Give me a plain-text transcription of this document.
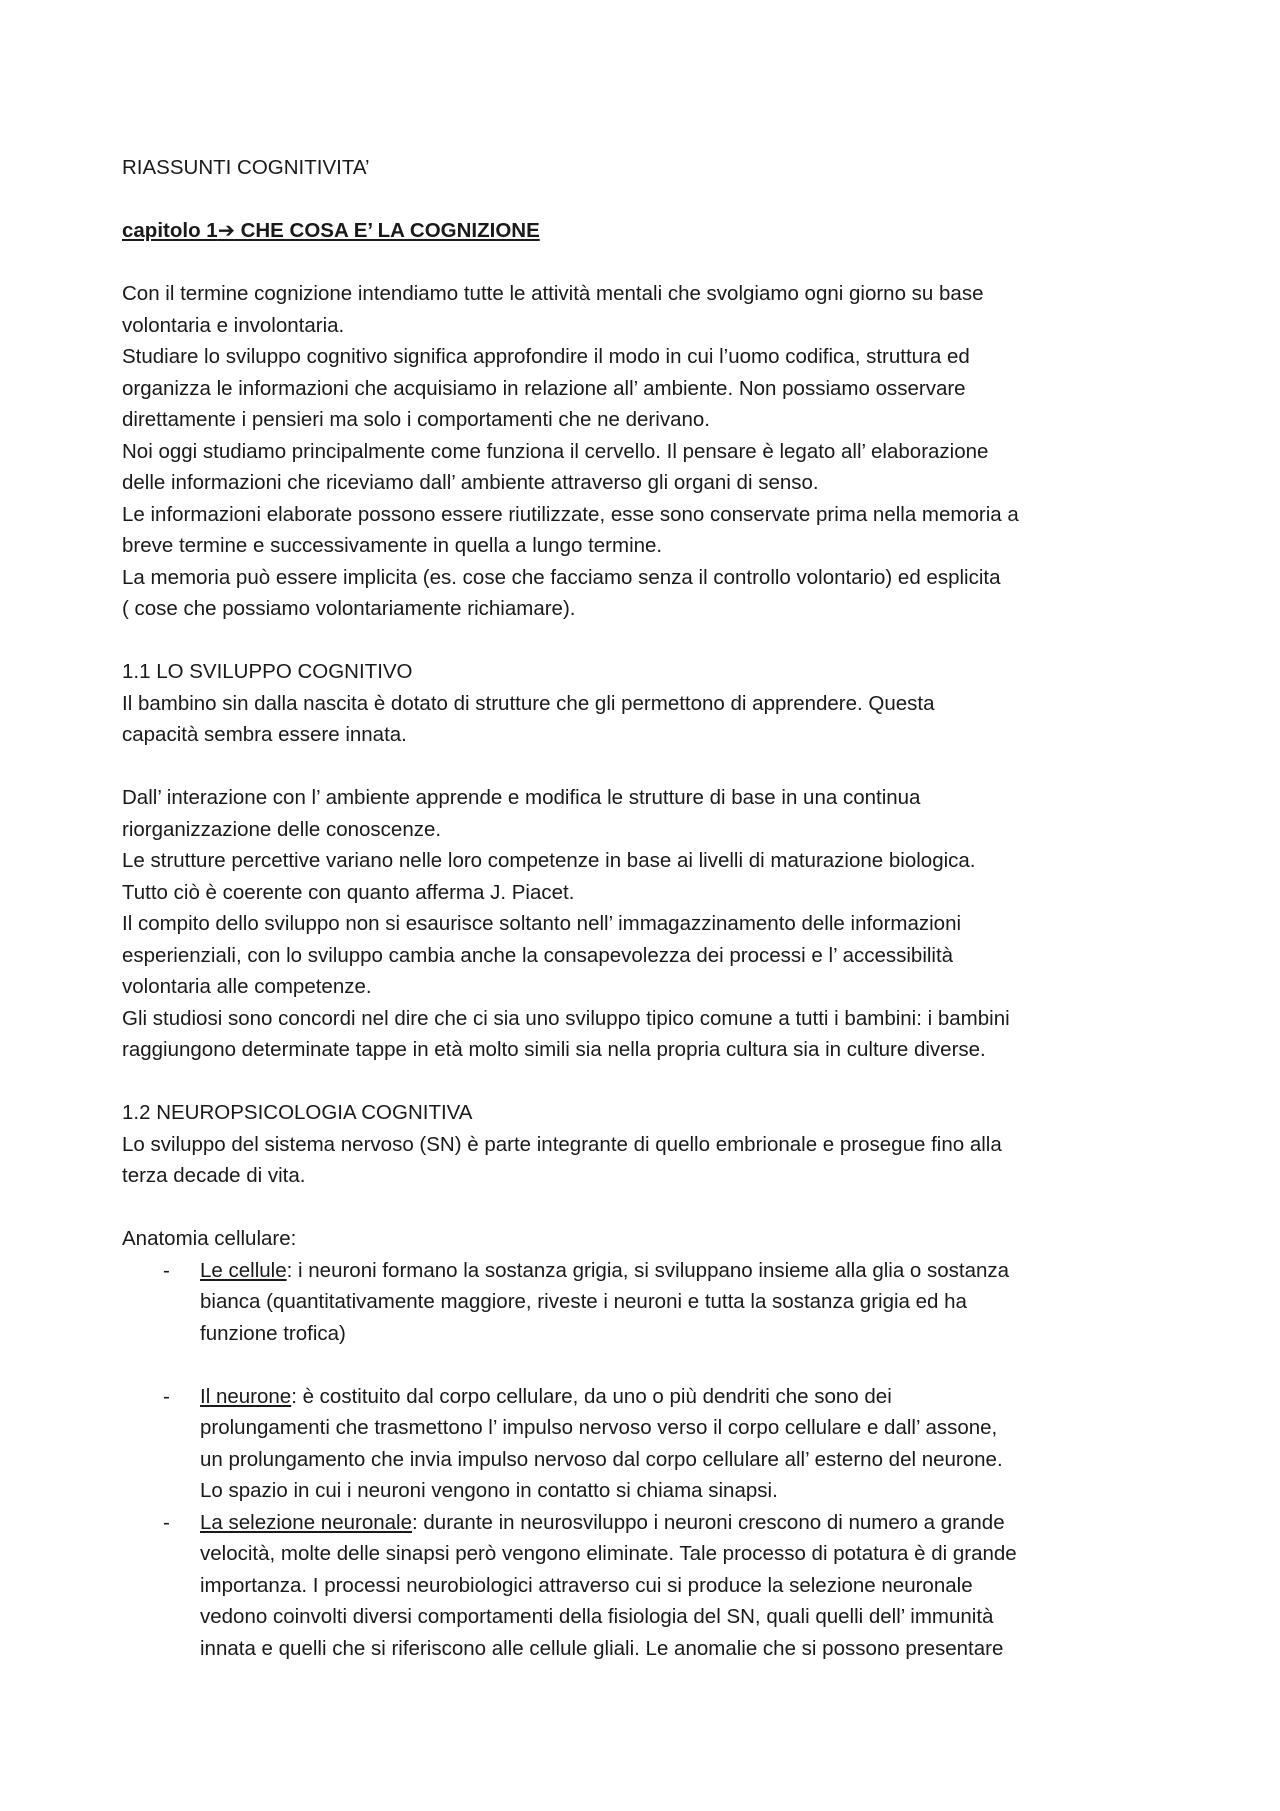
RIASSUNTI COGNITIVITA’
capitolo 1➔ CHE COSA E’ LA COGNIZIONE
Con il termine cognizione intendiamo tutte le attività mentali che svolgiamo ogni giorno su base
volontaria e involontaria.
Studiare lo sviluppo cognitivo significa approfondire il modo in cui l’uomo codifica, struttura ed
organizza le informazioni che acquisiamo in relazione all’ ambiente. Non possiamo osservare
direttamente i pensieri ma solo i comportamenti che ne derivano.
Noi oggi studiamo principalmente come funziona il cervello. Il pensare è legato all’ elaborazione
delle informazioni che riceviamo dall’ ambiente attraverso gli organi di senso.
Le informazioni elaborate possono essere riutilizzate, esse sono conservate prima nella memoria a
breve termine e successivamente in quella a lungo termine.
La memoria può essere implicita (es. cose che facciamo senza il controllo volontario) ed esplicita
( cose che possiamo volontariamente richiamare).
1.1 LO SVILUPPO COGNITIVO
Il bambino sin dalla nascita è dotato di strutture che gli permettono di apprendere. Questa
capacità sembra essere innata.
Dall’ interazione con l’ ambiente apprende e modifica le strutture di base in una continua
riorganizzazione delle conoscenze.
Le strutture percettive variano nelle loro competenze in base ai livelli di maturazione biologica.
Tutto ciò è coerente con quanto afferma J. Piacet.
Il compito dello sviluppo non si esaurisce soltanto nell’ immagazzinamento delle informazioni
esperienziali, con lo sviluppo cambia anche la consapevolezza dei processi e l’ accessibilità
volontaria alle competenze.
Gli studiosi sono concordi nel dire che ci sia uno sviluppo tipico comune a tutti i bambini: i bambini
raggiungono determinate tappe in età molto simili sia nella propria cultura sia in culture diverse.
1.2 NEUROPSICOLOGIA COGNITIVA
Lo sviluppo del sistema nervoso (SN) è parte integrante di quello embrionale e prosegue fino alla
terza decade di vita.
Anatomia cellulare:
- Le cellule: i neuroni formano la sostanza grigia, si sviluppano insieme alla glia o sostanza
bianca (quantitativamente maggiore, riveste i neuroni e tutta la sostanza grigia ed ha
funzione trofica)
- Il neurone: è costituito dal corpo cellulare, da uno o più dendriti che sono dei
prolungamenti che trasmettono l’ impulso nervoso verso il corpo cellulare e dall’ assone,
un prolungamento che invia impulso nervoso dal corpo cellulare all’ esterno del neurone.
Lo spazio in cui i neuroni vengono in contatto si chiama sinapsi.
- La selezione neuronale: durante in neurosviluppo i neuroni crescono di numero a grande
velocità, molte delle sinapsi però vengono eliminate. Tale processo di potatura è di grande
importanza. I processi neurobiologici attraverso cui si produce la selezione neuronale
vedono coinvolti diversi comportamenti della fisiologia del SN, quali quelli dell’ immunità
innata e quelli che si riferiscono alle cellule gliali. Le anomalie che si possono presentare
